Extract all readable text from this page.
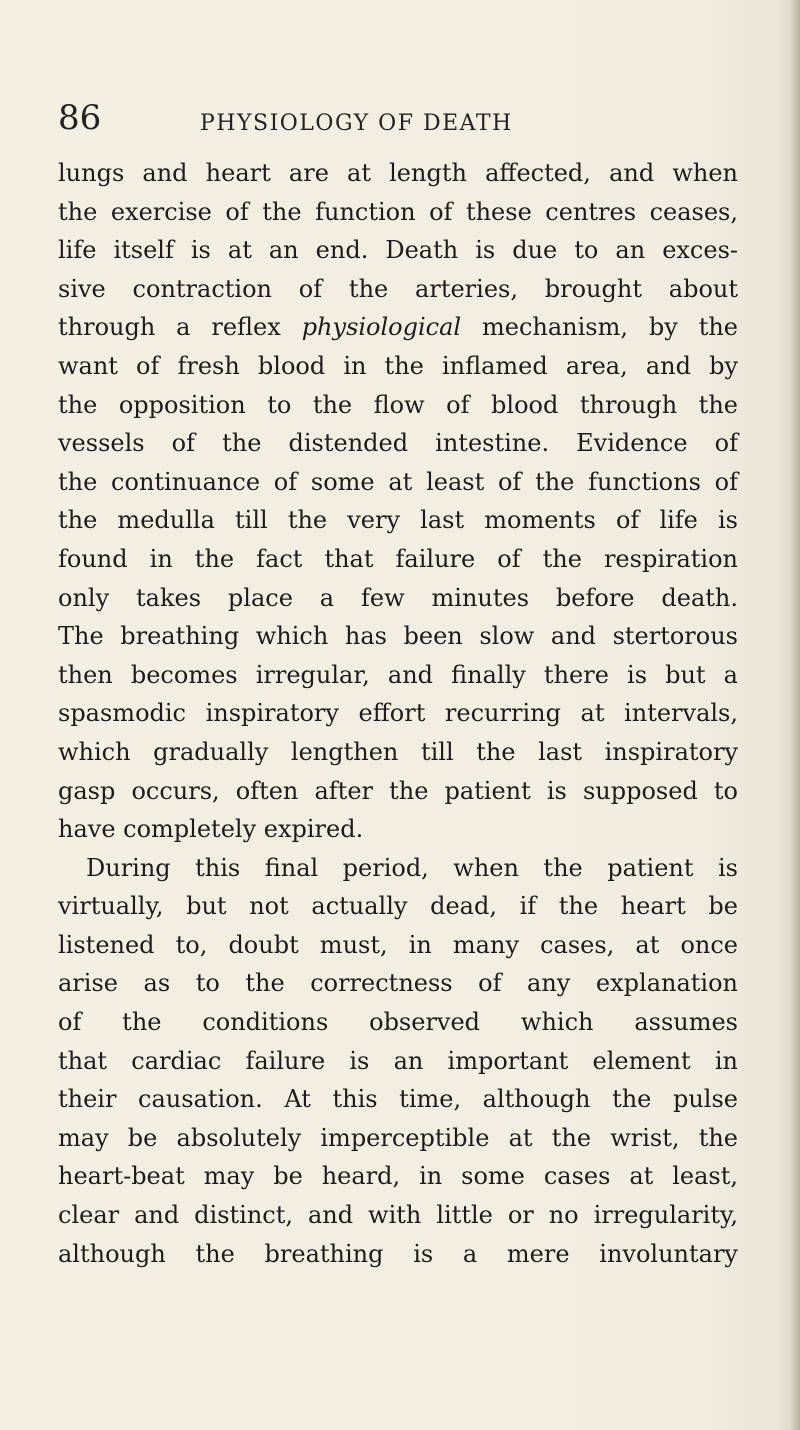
86	PHYSIOLOGY OF DEATH
lungs and heart are at length affected, and when
the exercise of the function of these centres ceases,
life itself is at an end. Death is due to an exces-
sive contraction of the arteries, brought about
through a reflex physiological mechanism, by the
want of fresh blood in the inflamed area, and by
the opposition to the flow of blood through the
vessels of the distended intestine. Evidence of
the continuance of some at least of the functions of
the medulla till the very last moments of life is
found in the fact that failure of the respiration
only takes place a few minutes before death.
The breathing which has been slow and stertorous
then becomes irregular, and finally there is but a
spasmodic inspiratory effort recurring at intervals,
which gradually lengthen till the last inspiratory
gasp occurs, often after the patient is supposed to
have completely expired.
During this final period, when the patient is
virtually, but not actually dead, if the heart be
listened to, doubt must, in many cases, at once
arise as to the correctness of any explanation
of the conditions observed which assumes
that cardiac failure is an important element in
their causation. At this time, although the pulse
may be absolutely imperceptible at the wrist, the
heart-beat may be heard, in some cases at least,
clear and distinct, and with little or no irregularity,
although the breathing is a mere involuntary
